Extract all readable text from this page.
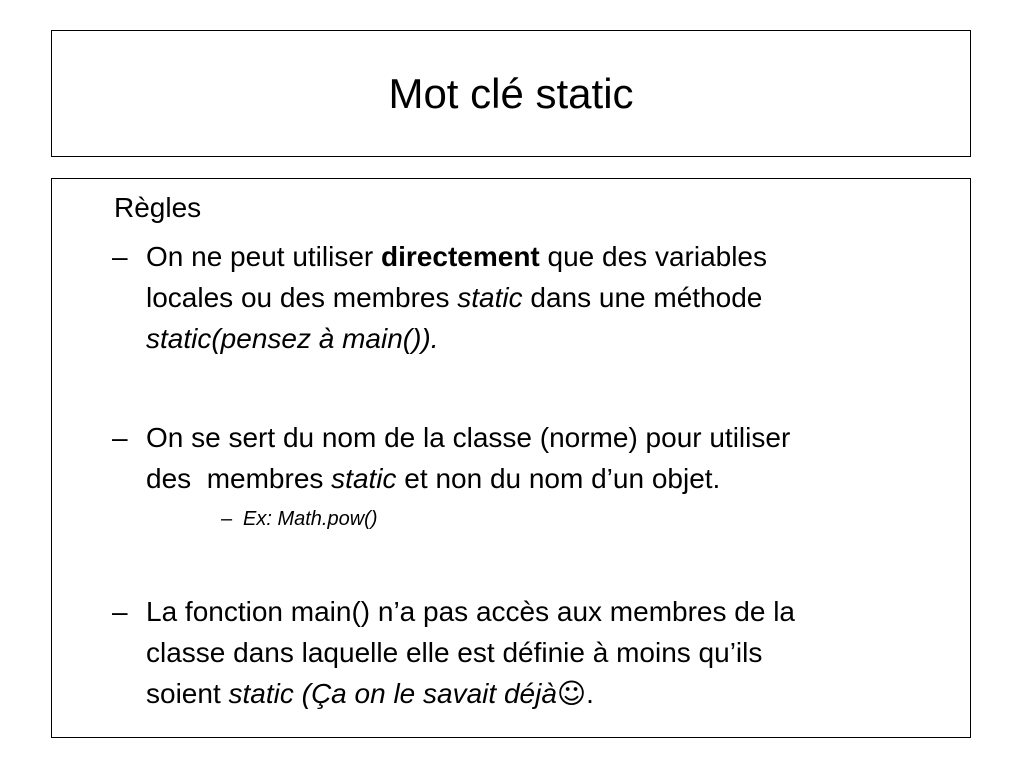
Mot clé static
Règles
– On ne peut utiliser directement que des variables
locales ou des membres static dans une méthode
static(pensez à main()).
– On se sert du nom de la classe (norme) pour utiliser
des  membres static et non du nom d’un objet.
– Ex: Math.pow()
– La fonction main() n’a pas accès aux membres de la
classe dans laquelle elle est définie à moins qu’ils
soient static (Ça on le savait déjà☺.
